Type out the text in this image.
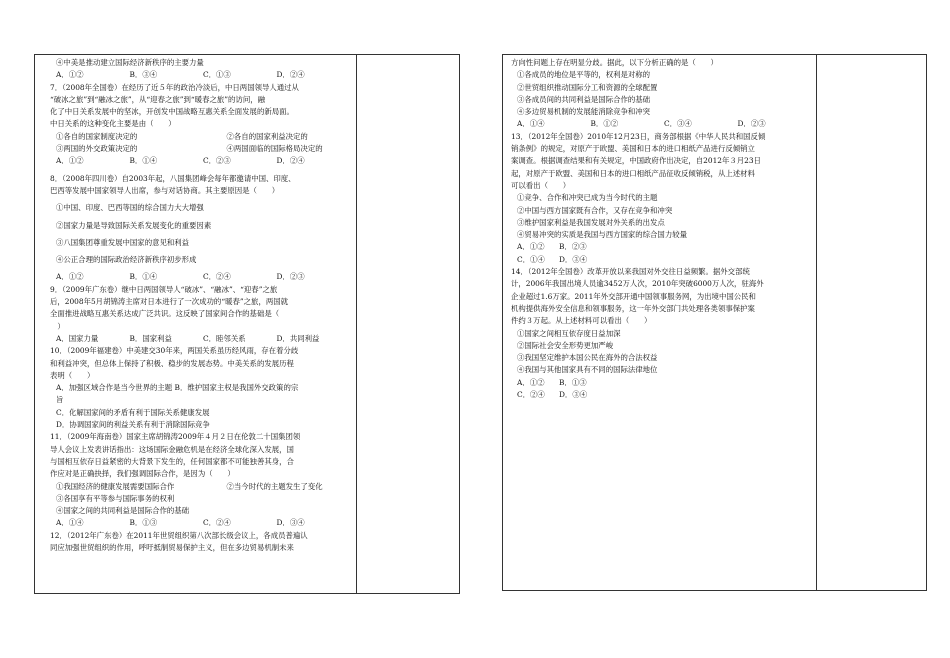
④中美是推动建立国际经济新秩序的主要力量
A．①②	B．③④	C．①③	D．②④
7．（2008年全国卷）在经历了近５年的政治冷淡后，中日两国领导人通过从
“破冰之旅”到“融冰之旅”，从“迎春之旅”到“暖春之旅”的访问，融
化了中日关系发展中的坚冰，开创发中国战略互惠关系全面发展的新局面。
中日关系的这种变化主要是由（　　）
①各自的国家制度决定的	②各自的国家利益决定的
③两国的外交政策决定的	④两国面临的国际格局决定的
A．①②	B．①④	C．②③	D．②④
8．（2008年四川卷）自2003年起，八国集团峰会每年都邀请中国、印度、
巴西等发展中国家领导人出席，参与对话协商。其主要原因是（　　）
①中国、印度、巴西等国的综合国力大大增强
②国家力量是导致国际关系发展变化的重要因素
③八国集团尊重发展中国家的意见和利益
④公正合理的国际政治经济新秩序初步形成
A．①②	B．①④	C．②④	D．②③
9．（2009年广东卷）继中日两国领导人“破冰”、“融冰”、“迎春”之旅
后，2008年5月胡锦涛主席对日本进行了一次成功的“暖春”之旅，两国就
全面推进战略互惠关系达成广泛共识。这反映了国家间合作的基础是（
　）
A．国家力量	B．国家利益	C．睦邻关系	D．共同利益
10．（2009年福建卷）中美建交30年来，两国关系虽历经风雨，存在着分歧
和利益冲突，但总体上保持了积极、稳步的发展态势。中美关系的发展历程
表明（　　）
A．加强区域合作是当今世界的主题 B．维护国家主权是我国外交政策的宗
旨
C．化解国家间的矛盾有利于国际关系健康发展
D．协调国家间的利益关系有利于消除国际竞争
11．（2009年海南卷）国家主席胡锦涛2009年４月２日在伦敦二十国集团领
导人会议上发表讲话指出：这场国际金融危机是在经济全球化深入发展，国
与国相互依存日益紧密的大背景下发生的，任何国家都不可能独善其身，合
作应对是正确抉择，我们强调国际合作，是因为（　　）
①我国经济的健康发展需要国际合作	②当今时代的主题发生了变化
③各国享有平等参与国际事务的权利
④国家之间的共同利益是国际合作的基础
A．①④	B．①③	C．②④	D．③④
12．（2012年广东卷）在2011年世贸组织第八次部长级会议上，各成员普遍认
同应加强世贸组织的作用，呼吁抵制贸易保护主义，但在多边贸易机制未来
方向性问题上存在明显分歧。据此，以下分析正确的是（　　）
①各成员的地位是平等的，权利是对称的
②世贸组织推动国际分工和资源的全球配置
③各成员间的共同利益是国际合作的基础
④多边贸易机制的发展能消除竞争和冲突
A．①④	B．①②	C．③④	D．②③
13．（2012年全国卷）2010年12月23日，商务部根据《中华人民共和国反倾
销条例》的规定，对原产于欧盟、美国和日本的进口相纸产品进行反倾销立
案调查。根据调查结果和有关规定，中国政府作出决定，自2012年３月23日
起，对原产于欧盟、美国和日本的进口相纸产品征收反倾销税，从上述材料
可以看出（　　）
①竞争、合作和冲突已成为当今时代的主题
②中国与西方国家既有合作，又存在竞争和冲突
③维护国家利益是我国发展对外关系的出发点
④贸易冲突的实质是我国与西方国家的综合国力较量
A．①②	B．②③
C．①④	D．③④
14．（2012年全国卷）改革开放以来我国对外交往日益频繁。据外交部统
计，2006年我国出境人员逾3452万人次，2010年突破6000万人次，驻海外
企业超过1.6万家。2011年外交部开通中国领事服务网，为出境中国公民和
机构提供海外安全信息和领事服务，这一年外交部门共处理各类领事保护案
件约３万起。从上述材料可以看出（　　）
①国家之间相互依存度日益加深
②国际社会安全形势更加严峻
③我国坚定维护本国公民在海外的合法权益
④我国与其他国家具有不同的国际法律地位
A．①②	B．①③
C．②④	D．③④
